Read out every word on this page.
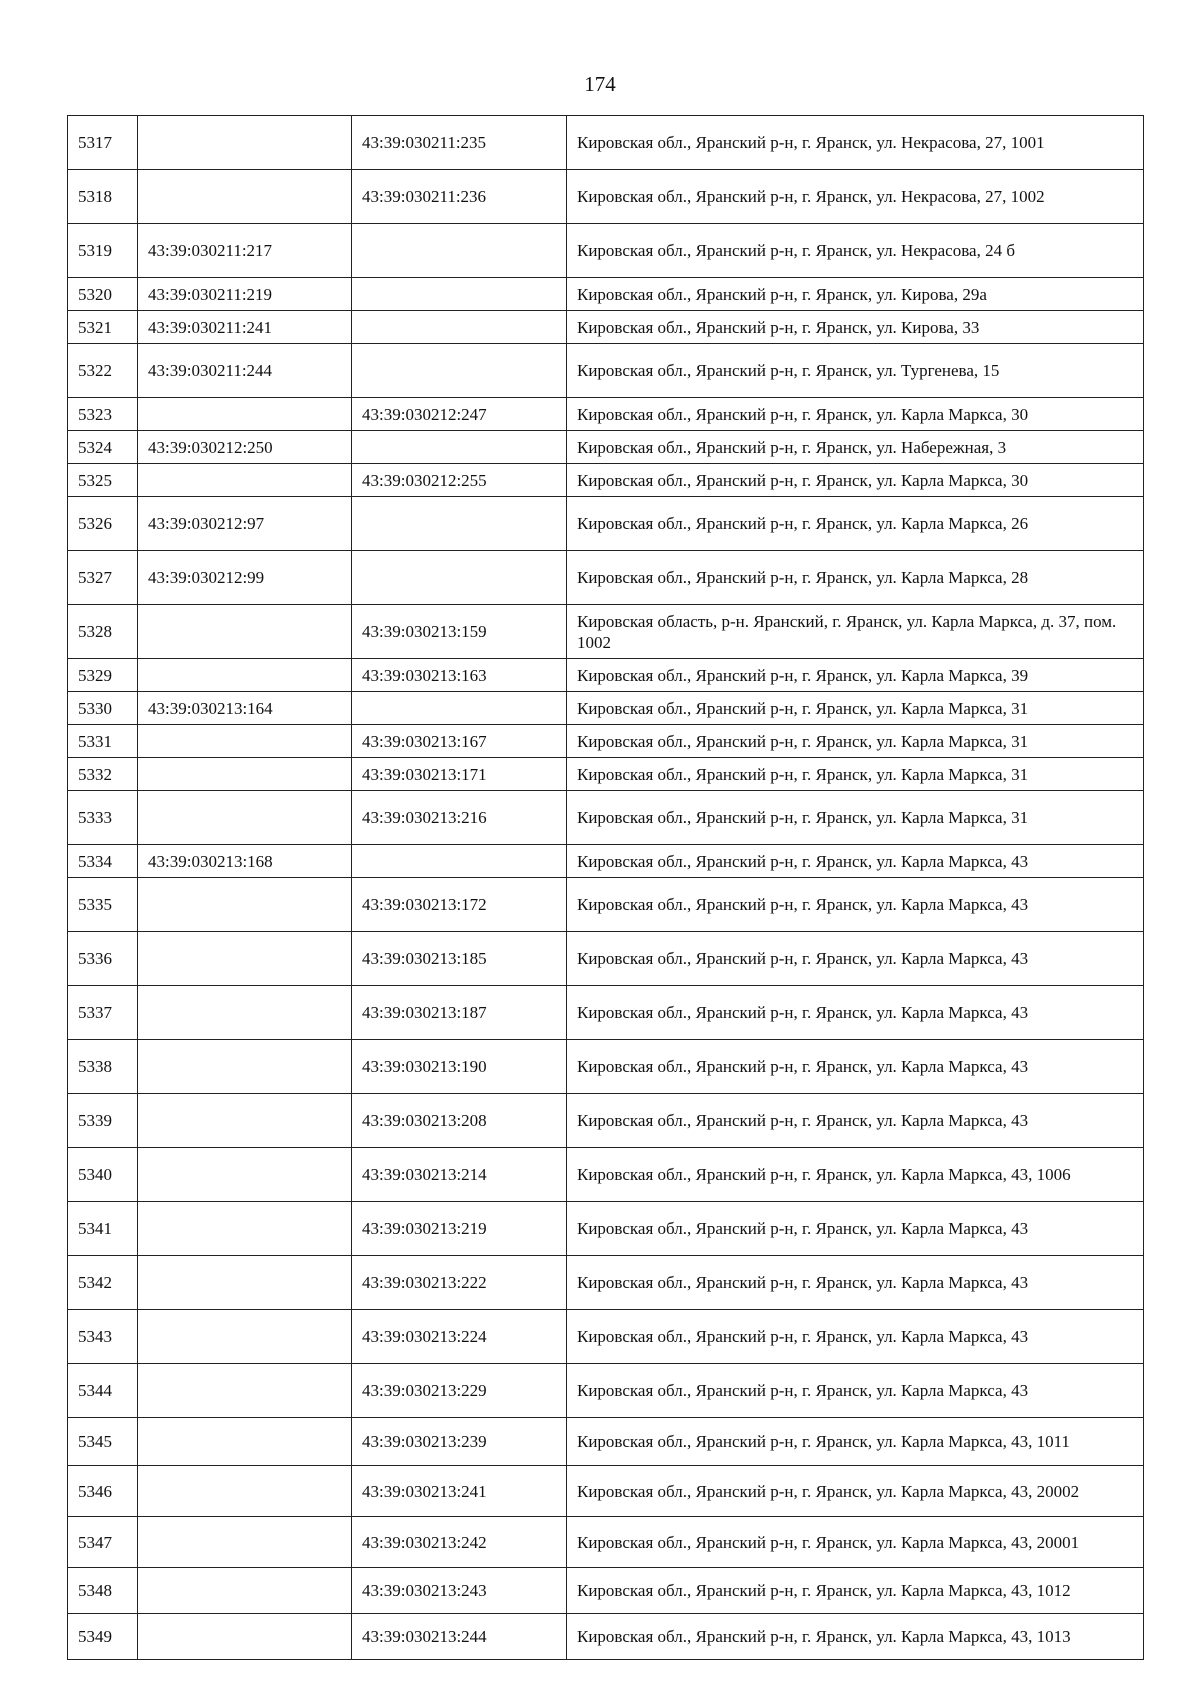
174
5317		43:39:030211:235	Кировская обл., Яранский р-н, г. Яранск, ул. Некрасова, 27, 1001
5318		43:39:030211:236	Кировская обл., Яранский р-н, г. Яранск, ул. Некрасова, 27, 1002
5319	43:39:030211:217		Кировская обл., Яранский р-н, г. Яранск, ул. Некрасова, 24 б
5320	43:39:030211:219		Кировская обл., Яранский р-н, г. Яранск, ул. Кирова, 29а
5321	43:39:030211:241		Кировская обл., Яранский р-н, г. Яранск, ул. Кирова, 33
5322	43:39:030211:244		Кировская обл., Яранский р-н, г. Яранск, ул. Тургенева, 15
5323		43:39:030212:247	Кировская обл., Яранский р-н, г. Яранск, ул. Карла Маркса, 30
5324	43:39:030212:250		Кировская обл., Яранский р-н, г. Яранск, ул. Набережная, 3
5325		43:39:030212:255	Кировская обл., Яранский р-н, г. Яранск, ул. Карла Маркса, 30
5326	43:39:030212:97		Кировская обл., Яранский р-н, г. Яранск, ул. Карла Маркса, 26
5327	43:39:030212:99		Кировская обл., Яранский р-н, г. Яранск, ул. Карла Маркса, 28
5328		43:39:030213:159	Кировская область, р-н. Яранский, г. Яранск, ул. Карла Маркса, д. 37, пом. 1002
5329		43:39:030213:163	Кировская обл., Яранский р-н, г. Яранск, ул. Карла Маркса, 39
5330	43:39:030213:164		Кировская обл., Яранский р-н, г. Яранск, ул. Карла Маркса, 31
5331		43:39:030213:167	Кировская обл., Яранский р-н, г. Яранск, ул. Карла Маркса, 31
5332		43:39:030213:171	Кировская обл., Яранский р-н, г. Яранск, ул. Карла Маркса, 31
5333		43:39:030213:216	Кировская обл., Яранский р-н, г. Яранск, ул. Карла Маркса, 31
5334	43:39:030213:168		Кировская обл., Яранский р-н, г. Яранск, ул. Карла Маркса, 43
5335		43:39:030213:172	Кировская обл., Яранский р-н, г. Яранск, ул. Карла Маркса, 43
5336		43:39:030213:185	Кировская обл., Яранский р-н, г. Яранск, ул. Карла Маркса, 43
5337		43:39:030213:187	Кировская обл., Яранский р-н, г. Яранск, ул. Карла Маркса, 43
5338		43:39:030213:190	Кировская обл., Яранский р-н, г. Яранск, ул. Карла Маркса, 43
5339		43:39:030213:208	Кировская обл., Яранский р-н, г. Яранск, ул. Карла Маркса, 43
5340		43:39:030213:214	Кировская обл., Яранский р-н, г. Яранск, ул. Карла Маркса, 43, 1006
5341		43:39:030213:219	Кировская обл., Яранский р-н, г. Яранск, ул. Карла Маркса, 43
5342		43:39:030213:222	Кировская обл., Яранский р-н, г. Яранск, ул. Карла Маркса, 43
5343		43:39:030213:224	Кировская обл., Яранский р-н, г. Яранск, ул. Карла Маркса, 43
5344		43:39:030213:229	Кировская обл., Яранский р-н, г. Яранск, ул. Карла Маркса, 43
5345		43:39:030213:239	Кировская обл., Яранский р-н, г. Яранск, ул. Карла Маркса, 43, 1011
5346		43:39:030213:241	Кировская обл., Яранский р-н, г. Яранск, ул. Карла Маркса, 43, 20002
5347		43:39:030213:242	Кировская обл., Яранский р-н, г. Яранск, ул. Карла Маркса, 43, 20001
5348		43:39:030213:243	Кировская обл., Яранский р-н, г. Яранск, ул. Карла Маркса, 43, 1012
5349		43:39:030213:244	Кировская обл., Яранский р-н, г. Яранск, ул. Карла Маркса, 43, 1013
